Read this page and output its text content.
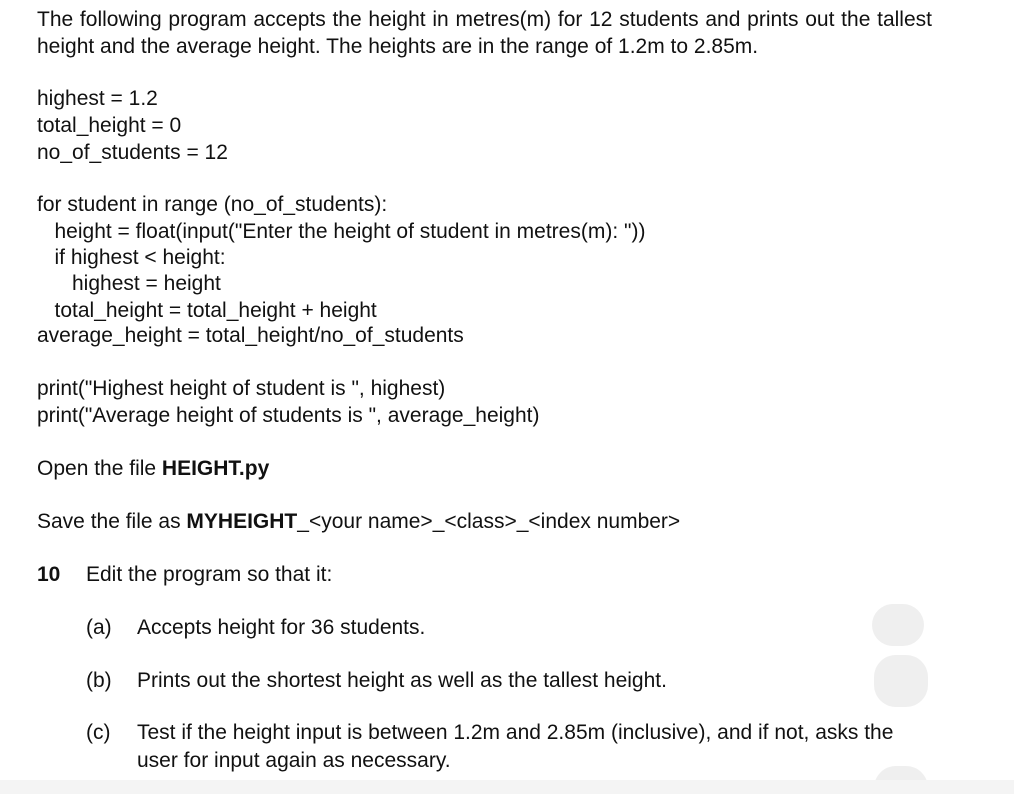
The following program accepts the height in metres(m) for 12 students and prints out the tallest height and the average height. The heights are in the range of 1.2m to 2.85m.
highest = 1.2
total_height = 0
no_of_students = 12
for student in range (no_of_students):
height = float(input("Enter the height of student in metres(m): "))
if highest < height:
highest = height
total_height = total_height + height
average_height = total_height/no_of_students
print("Highest height of student is ", highest)
print("Average height of students is ", average_height)
Open the file HEIGHT.py
Save the file as MYHEIGHT_<your name>_<class>_<index number>
10 Edit the program so that it:
(a) Accepts height for 36 students.
(b) Prints out the shortest height as well as the tallest height.
(c) Test if the height input is between 1.2m and 2.85m (inclusive), and if not, asks the user for input again as necessary.
